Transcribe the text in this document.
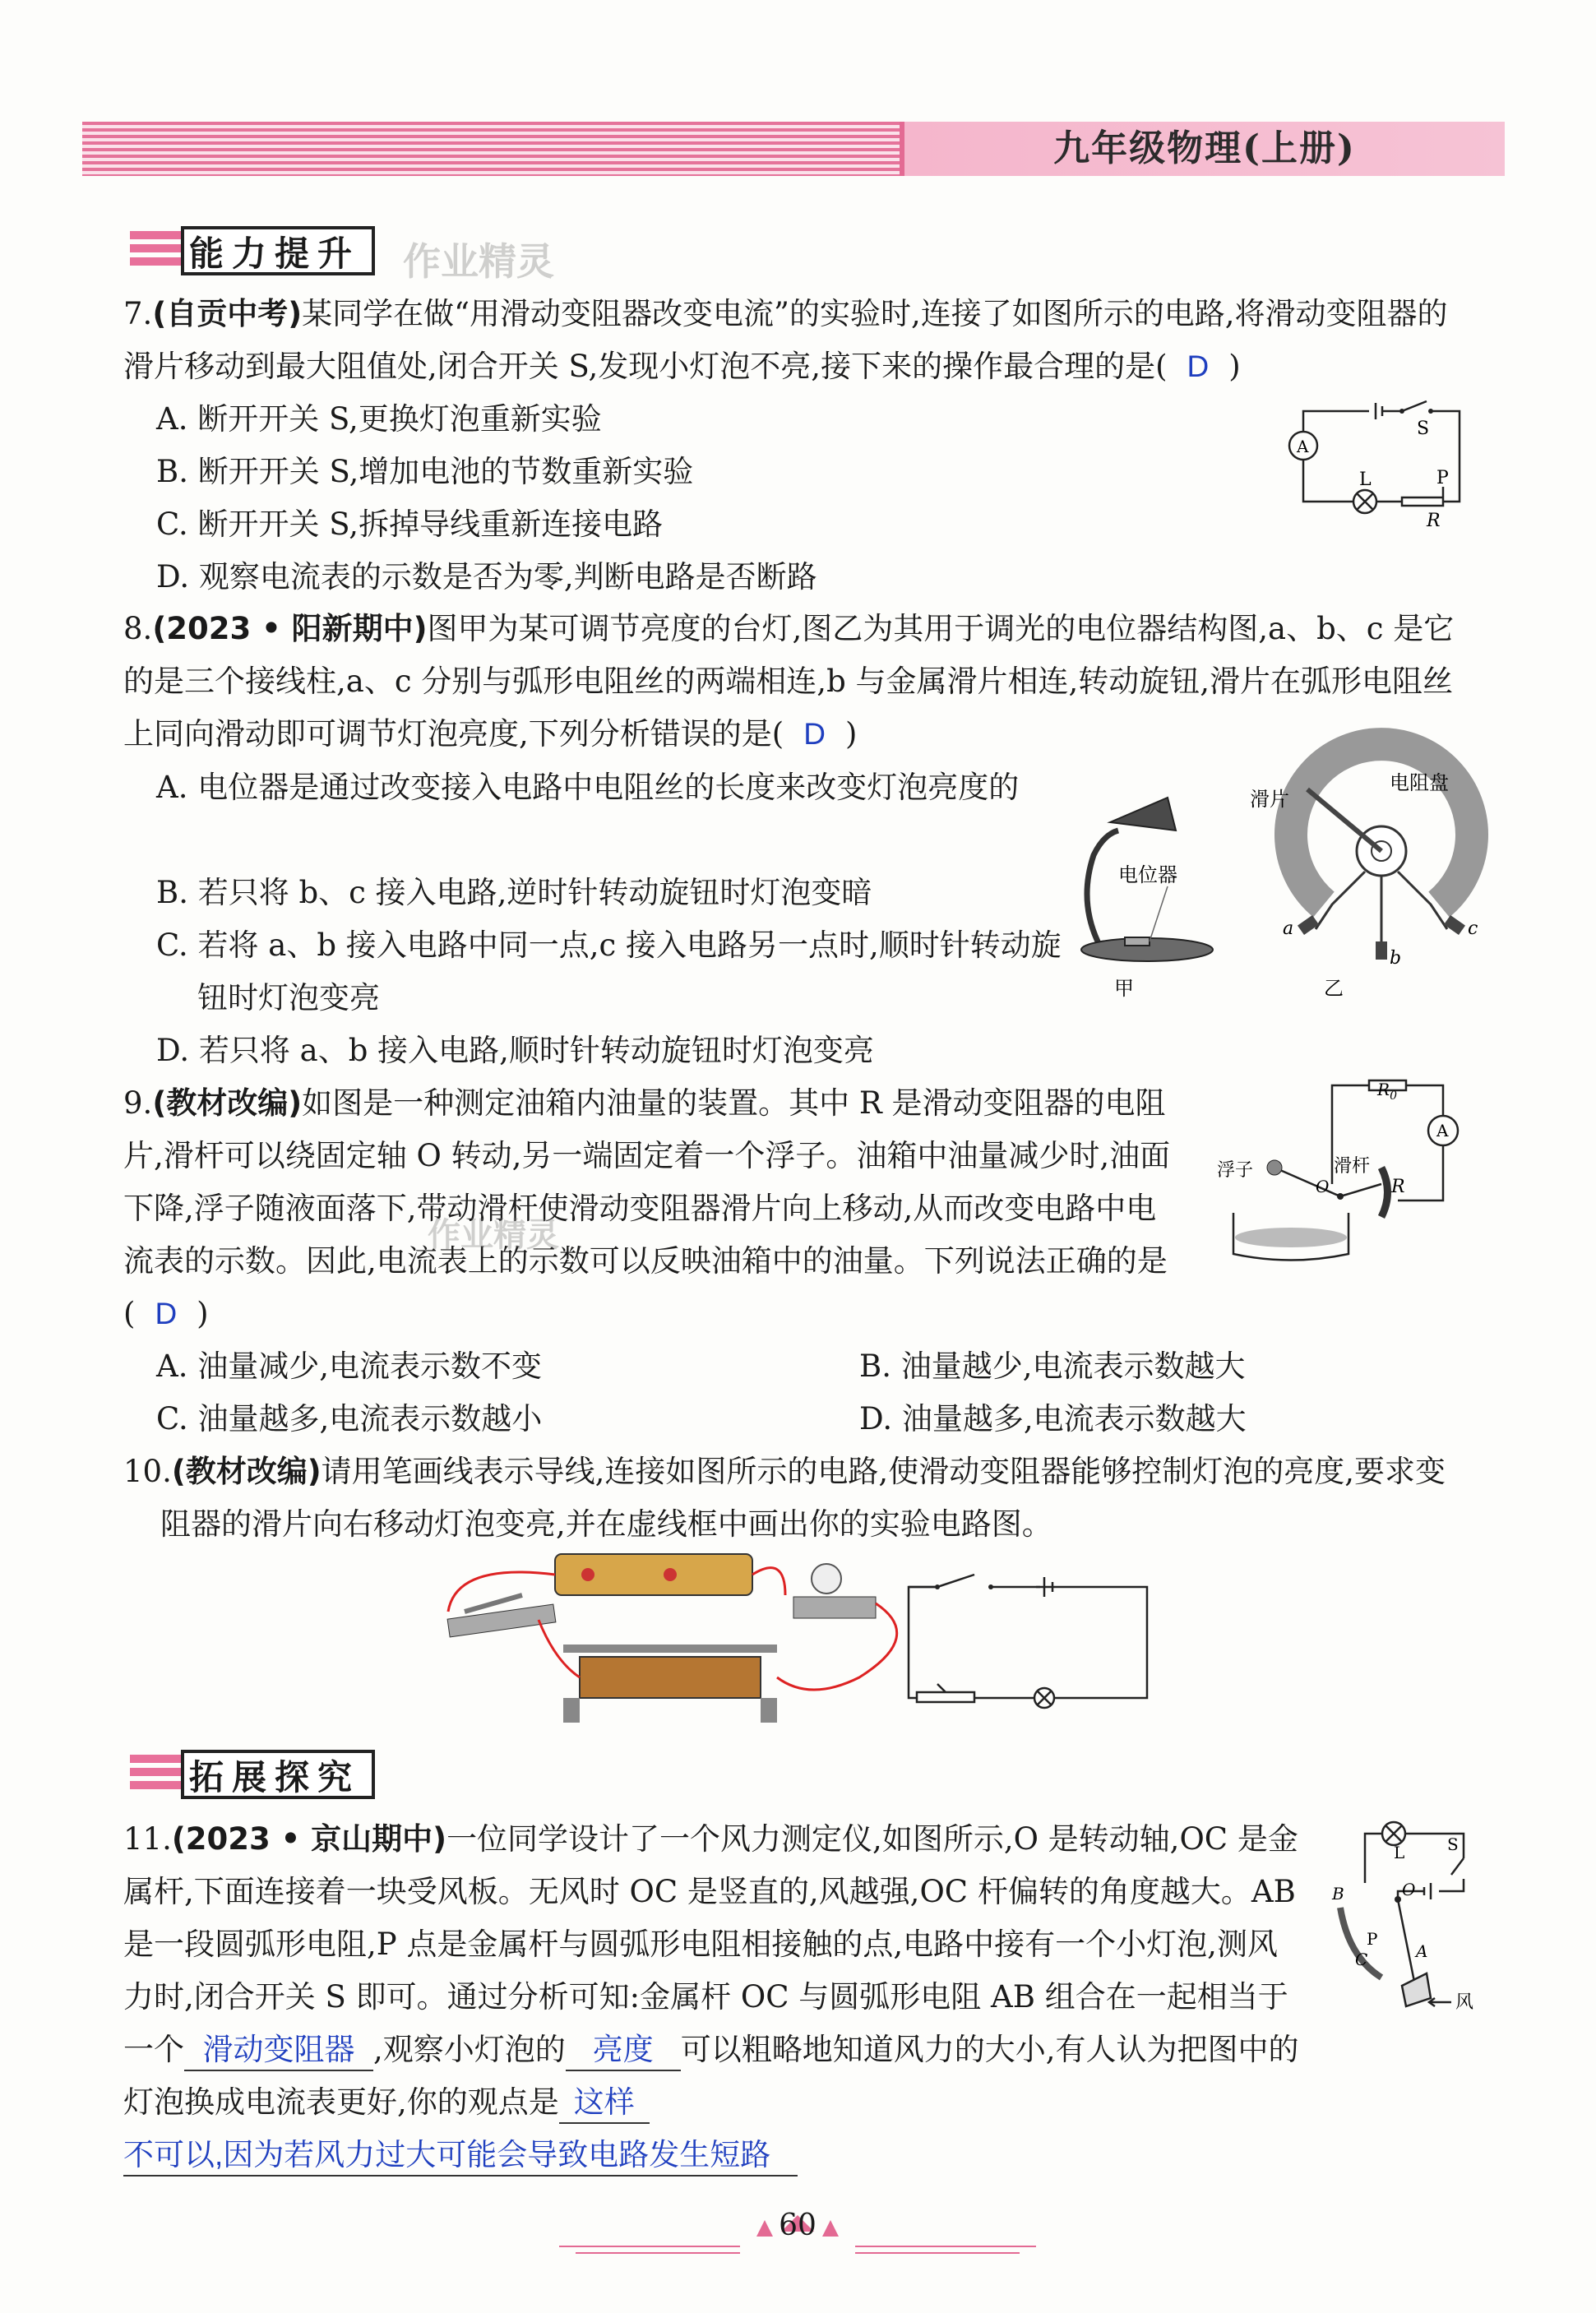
九年级物理(上册)
能力提升	作业精灵

7.(自贡中考)某同学在做“用滑动变阻器改变电流”的实验时,连接了如图所示的电路,将滑动变阻器的滑片移动到最大阻值处,闭合开关 S,发现小灯泡不亮,接下来的操作最合理的是( D )

A. 断开开关 S,更换灯泡重新实验
B. 断开开关 S,增加电池的节数重新实验
C. 断开开关 S,拆掉导线重新连接电路
D. 观察电流表的示数是否为零,判断电路是否断路
A
L
S
P
R

8.(2023 • 阳新期中)图甲为某可调节亮度的台灯,图乙为其用于调光的电位器结构图,a、b、c 是它的是三个接线柱,a、c 分别与弧形电阻丝的两端相连,b 与金属滑片相连,转动旋钮,滑片在弧形电阻丝上同向滑动即可调节灯泡亮度,下列分析错误的是( D )

A. 电位器是通过改变接入电路中电阻丝的长度来改变灯泡亮度的
B. 若只将 b、c 接入电路,逆时针转动旋钮时灯泡变暗
C. 若将 a、b 接入电路中同一点,c 接入电路另一点时,顺时针转动旋钮时灯泡变亮
D. 若只将 a、b 接入电路,顺时针转动旋钮时灯泡变亮
电位器
甲
滑片
电阻盘
a
b
c
乙

9.(教材改编)如图是一种测定油箱内油量的装置。其中 R 是滑动变阻器的电阻片,滑杆可以绕固定轴 O 转动,另一端固定着一个浮子。油箱中油量减少时,油面下降,浮子随液面落下,带动滑杆使滑动变阻器滑片向上移动,从而改变电路中电流表的示数。因此,电流表上的示数可以反映油箱中的油量。下列说法正确的是( D )

A. 油量减少,电流表示数不变	B. 油量越少,电流表示数越大
C. 油量越多,电流表示数越小	D. 油量越多,电流表示数越大
$R_0$
A
滑杆
浮子
O	R
作业精灵

10.(教材改编)请用笔画线表示导线,连接如图所示的电路,使滑动变阻器能够控制灯泡的亮度,要求变阻器的滑片向右移动灯泡变亮,并在虚线框中画出你的实验电路图。

拓展探究

11.(2023 • 京山期中)一位同学设计了一个风力测定仪,如图所示,O 是转动轴,OC 是金属杆,下面连接着一块受风板。无风时 OC 是竖直的,风越强,OC 杆偏转的角度越大。AB 是一段圆弧形电阻,P 点是金属杆与圆弧形电阻相接触的点,电路中接有一个小灯泡,测风力时,闭合开关 S 即可。通过分析可知:金属杆 OC 与圆弧形电阻 AB 组合在一起相当于一个 滑动变阻器 ,观察小灯泡的 亮度 可以粗略地知道风力的大小,有人认为把图中的灯泡换成电流表更好,你的观点是 这样
不可以,因为若风力过大可能会导致电路发生短路

L	S
B	O
P
C	A
风
60
